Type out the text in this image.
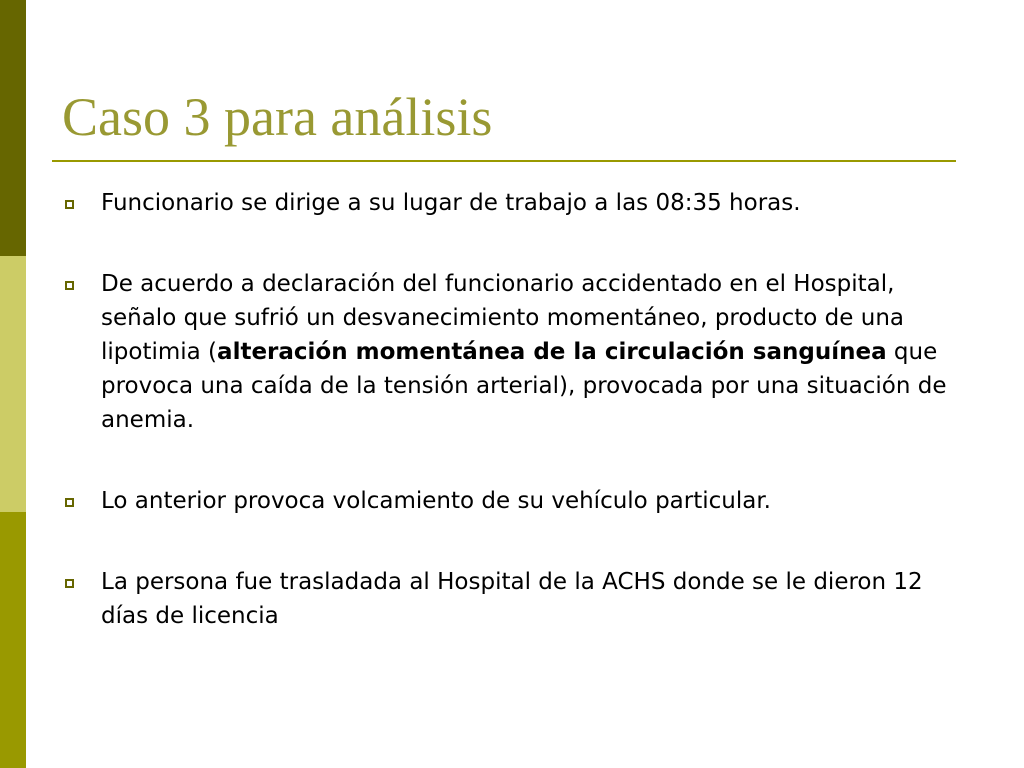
Caso 3 para análisis
Funcionario se dirige a su lugar de trabajo a las 08:35 horas.
De acuerdo a declaración del funcionario accidentado en el Hospital, señalo que sufrió un desvanecimiento momentáneo, producto de una lipotimia (alteración momentánea de la circulación sanguínea que provoca una caída de la tensión arterial), provocada por una situación de anemia.
Lo anterior provoca volcamiento de su vehículo particular.
La persona fue trasladada al Hospital de la ACHS donde se le dieron 12 días de licencia
